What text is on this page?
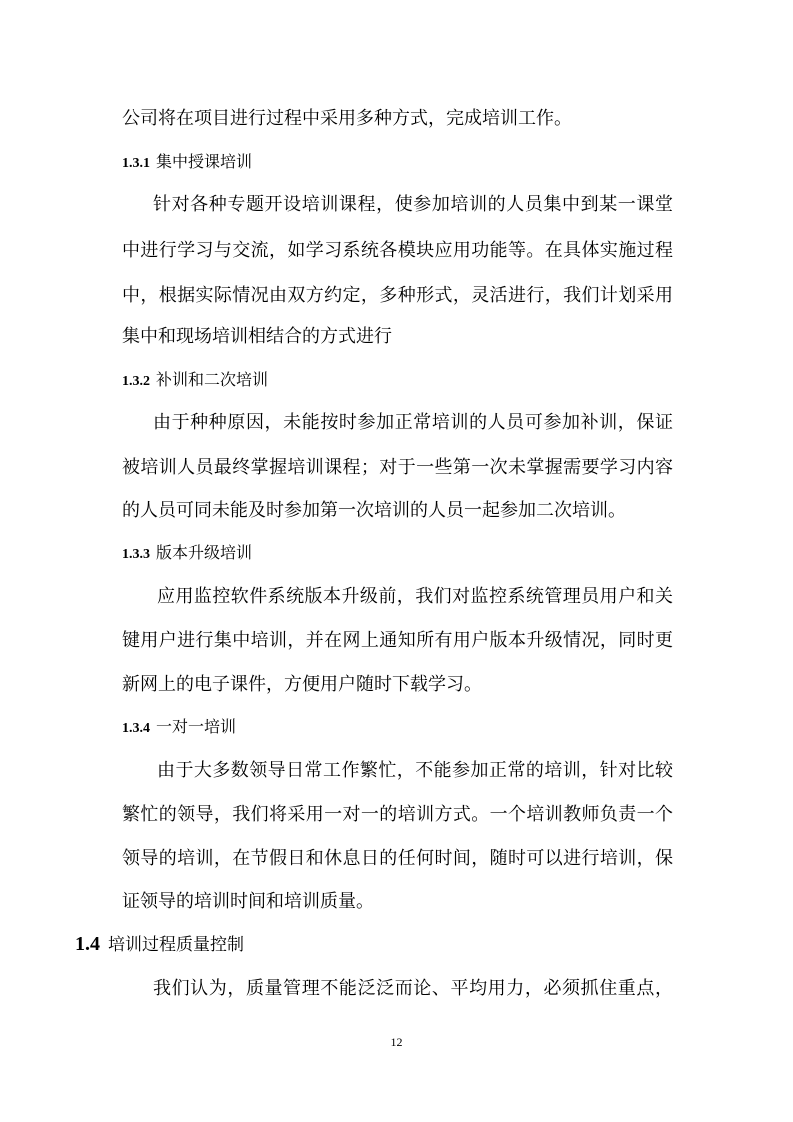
公司将在项目进行过程中采用多种方式，完成培训工作。
1.3.1 集中授课培训
针对各种专题开设培训课程，使参加培训的人员集中到某一课堂
中进行学习与交流，如学习系统各模块应用功能等。在具体实施过程
中，根据实际情况由双方约定，多种形式，灵活进行，我们计划采用
集中和现场培训相结合的方式进行
1.3.2 补训和二次培训
由于种种原因，未能按时参加正常培训的人员可参加补训，保证
被培训人员最终掌握培训课程；对于一些第一次未掌握需要学习内容
的人员可同未能及时参加第一次培训的人员一起参加二次培训。
1.3.3 版本升级培训
应用监控软件系统版本升级前，我们对监控系统管理员用户和关
键用户进行集中培训，并在网上通知所有用户版本升级情况，同时更
新网上的电子课件，方便用户随时下载学习。
1.3.4 一对一培训
由于大多数领导日常工作繁忙，不能参加正常的培训，针对比较
繁忙的领导，我们将采用一对一的培训方式。一个培训教师负责一个
领导的培训，在节假日和休息日的任何时间，随时可以进行培训，保
证领导的培训时间和培训质量。
1.4 培训过程质量控制
我们认为，质量管理不能泛泛而论、平均用力，必须抓住重点，
12
